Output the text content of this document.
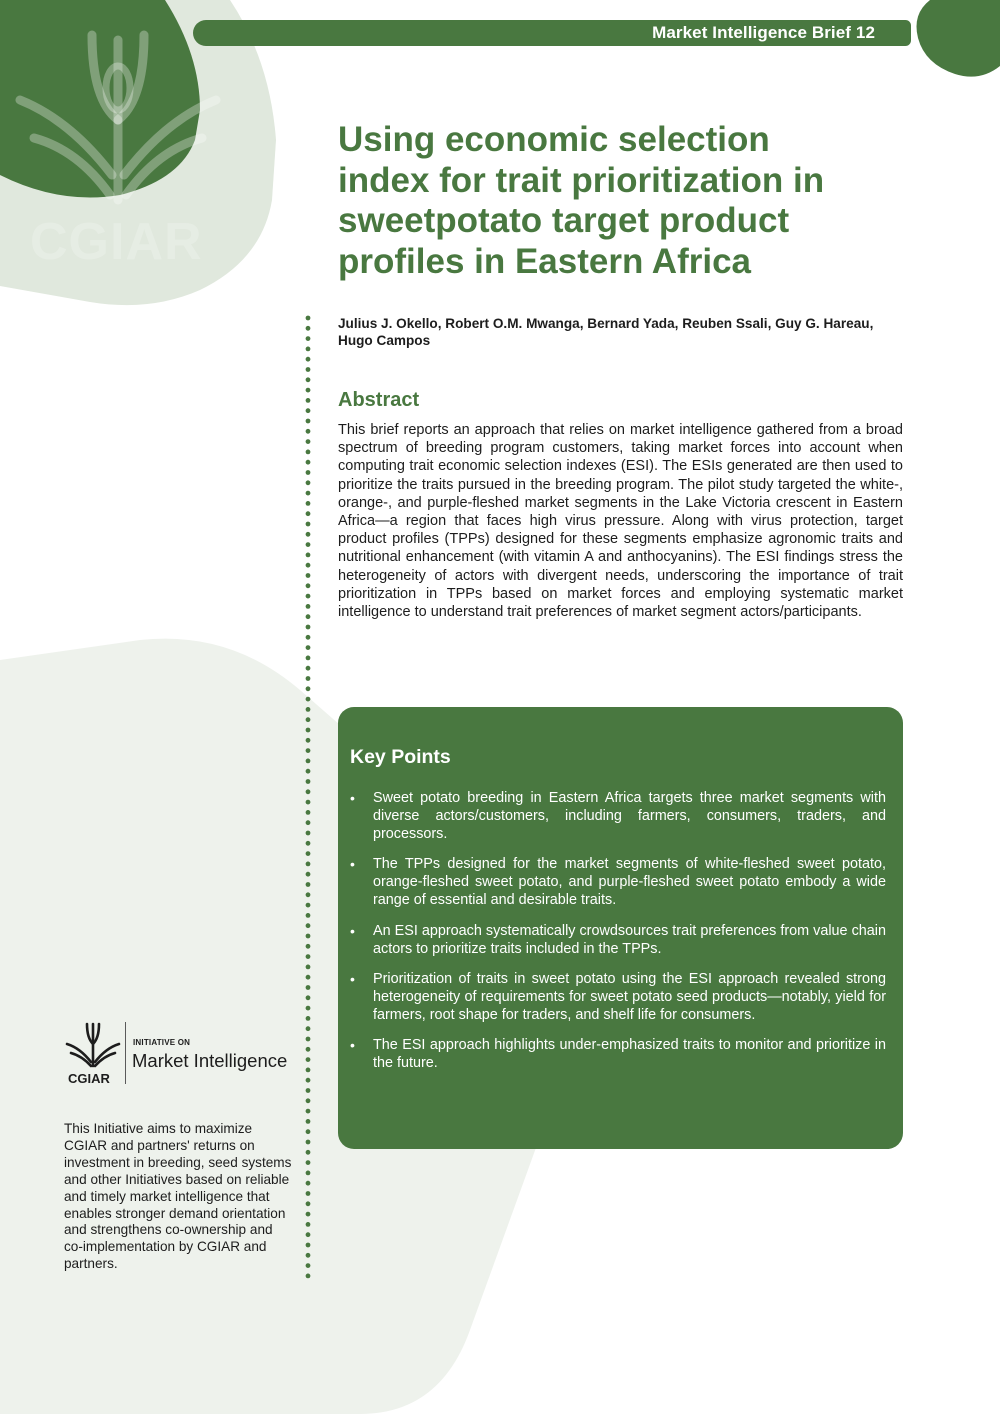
CGIAR
Market Intelligence Brief 12
Using economic selection index for trait prioritization in sweetpotato target product profiles in Eastern Africa
Julius J. Okello, Robert O.M. Mwanga, Bernard Yada, Reuben Ssali, Guy G. Hareau, Hugo Campos
Abstract

This brief reports an approach that relies on market intelligence gathered from a broad spectrum of breeding program customers, taking market forces into account when computing trait economic selection indexes (ESI). The ESIs generated are then used to prioritize the traits pursued in the breeding program. The pilot study targeted the white-, orange-, and purple-fleshed market segments in the Lake Victoria crescent in Eastern Africa—a region that faces high virus pressure. Along with virus protection, target product profiles (TPPs) designed for these segments emphasize agronomic traits and nutritional enhancement (with vitamin A and anthocyanins). The ESI findings stress the heterogeneity of actors with divergent needs, underscoring the importance of trait prioritization in TPPs based on market forces and employing systematic market intelligence to understand trait preferences of market segment actors/participants.

Key Points
• Sweet potato breeding in Eastern Africa targets three market segments with diverse actors/customers, including farmers, consumers, traders, and processors.
• The TPPs designed for the market segments of white-fleshed sweet potato, orange-fleshed sweet potato, and purple-fleshed sweet potato embody a wide range of essential and desirable traits.
• An ESI approach systematically crowdsources trait preferences from value chain actors to prioritize traits included in the TPPs.
• Prioritization of traits in sweet potato using the ESI approach revealed strong heterogeneity of requirements for sweet potato seed products—notably, yield for farmers, root shape for traders, and shelf life for consumers.
• The ESI approach highlights under-emphasized traits to monitor and prioritize in the future.
CGIAR
INITIATIVE ON
Market Intelligence

This Initiative aims to maximize CGIAR and partners' returns on investment in breeding, seed systems and other Initiatives based on reliable and timely market intelligence that enables stronger demand orientation and strengthens co-ownership and co-implementation by CGIAR and partners.
